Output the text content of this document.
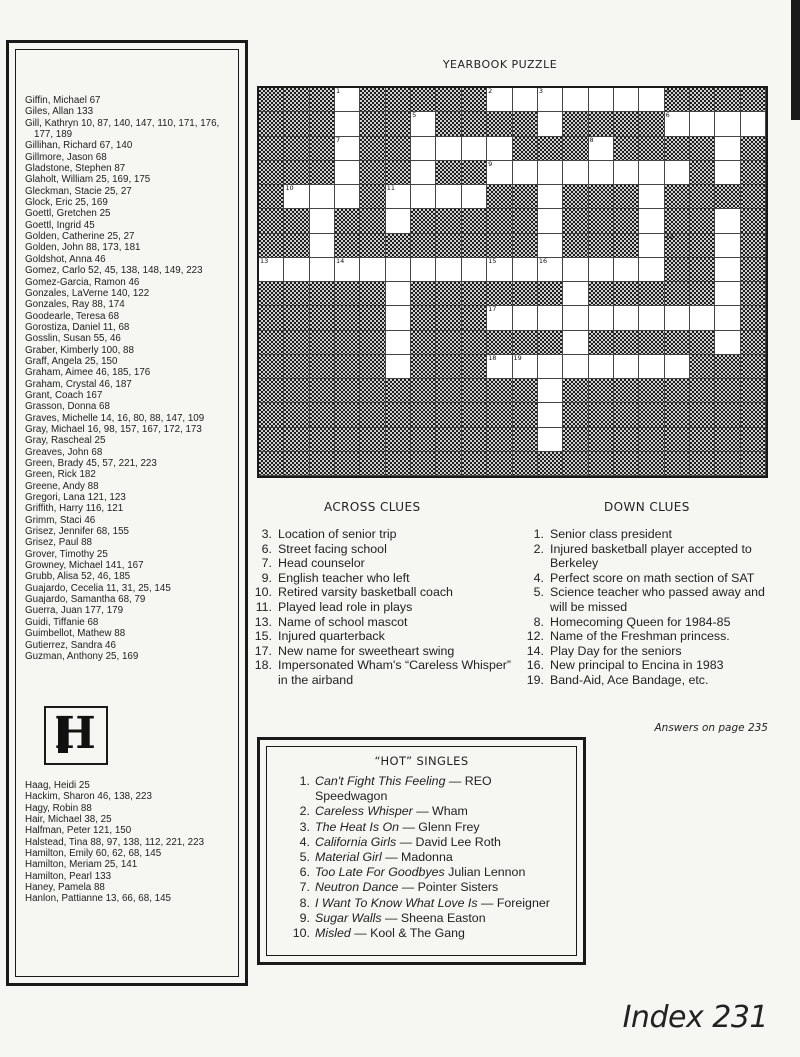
Giffin, Michael 67
Giles, Allan 133
Gill, Kathryn 10, 87, 140, 147, 110, 171, 176, 177, 189
Gillihan, Richard 67, 140
Gillmore, Jason 68
Gladstone, Stephen 87
Glaholt, William 25, 169, 175
Gleckman, Stacie 25, 27
Glock, Eric 25, 169
Goettl, Gretchen 25
Goettl, Ingrid 45
Golden, Catherine 25, 27
Golden, John 88, 173, 181
Goldshot, Anna 46
Gomez, Carlo 52, 45, 138, 148, 149, 223
Gomez-Garcia, Ramon 46
Gonzales, LaVerne 140, 122
Gonzales, Ray 88, 174
Goodearle, Teresa 68
Gorostiza, Daniel 11, 68
Gosslin, Susan 55, 46
Graber, Kimberly 100, 88
Graff, Angela 25, 150
Graham, Aimee 46, 185, 176
Graham, Crystal 46, 187
Grant, Coach 167
Grasson, Donna 68
Graves, Michelle 14, 16, 80, 88, 147, 109
Gray, Michael 16, 98, 157, 167, 172, 173
Gray, Rascheal 25
Greaves, John 68
Green, Brady 45, 57, 221, 223
Green, Rick 182
Greene, Andy 88
Gregori, Lana 121, 123
Griffith, Harry 116, 121
Grimm, Staci 46
Grisez, Jennifer 68, 155
Grisez, Paul 88
Grover, Timothy 25
Growney, Michael 141, 167
Grubb, Alisa 52, 46, 185
Guajardo, Cecelia 11, 31, 25, 145
Guajardo, Samantha 68, 79
Guerra, Juan 177, 179
Guidi, Tiffanie 68
Guimbellot, Mathew 88
Gutierrez, Sandra 46
Guzman, Anthony 25, 169
H
Haag, Heidi 25
Hackim, Sharon 46, 138, 223
Hagy, Robin 88
Hair, Michael 38, 25
Halfman, Peter 121, 150
Halstead, Tina 88, 97, 138, 112, 221, 223
Hamilton, Emily 60, 62, 68, 145
Hamilton, Meriam 25, 141
Hamilton, Pearl 133
Haney, Pamela 88
Hanlon, Pattianne 13, 66, 68, 145
YEARBOOK PUZZLE
1	2	3	4
5	6
7	8
9
10	11
12
13	14	15	16
17
18	19
ACROSS CLUES	DOWN CLUES
3. Location of senior trip
6. Street facing school
7. Head counselor
9. English teacher who left
10. Retired varsity basketball coach
11. Played lead role in plays
13. Name of school mascot
15. Injured quarterback
17. New name for sweetheart swing
18. Impersonated Wham's “Careless Whisper” in the airband
1. Senior class president
2. Injured basketball player accepted to Berkeley
4. Perfect score on math section of SAT
5. Science teacher who passed away and will be missed
8. Homecoming Queen for 1984-85
12. Name of the Freshman princess.
14. Play Day for the seniors
16. New principal to Encina in 1983
19. Band-Aid, Ace Bandage, etc.
Answers on page 235
“HOT” SINGLES
1. Can't Fight This Feeling — REO Speedwagon
2. Careless Whisper — Wham
3. The Heat Is On — Glenn Frey
4. California Girls — David Lee Roth
5. Material Girl — Madonna
6. Too Late For Goodbyes Julian Lennon
7. Neutron Dance — Pointer Sisters
8. I Want To Know What Love Is — Foreigner
9. Sugar Walls — Sheena Easton
10. Misled — Kool & The Gang
Index 231
